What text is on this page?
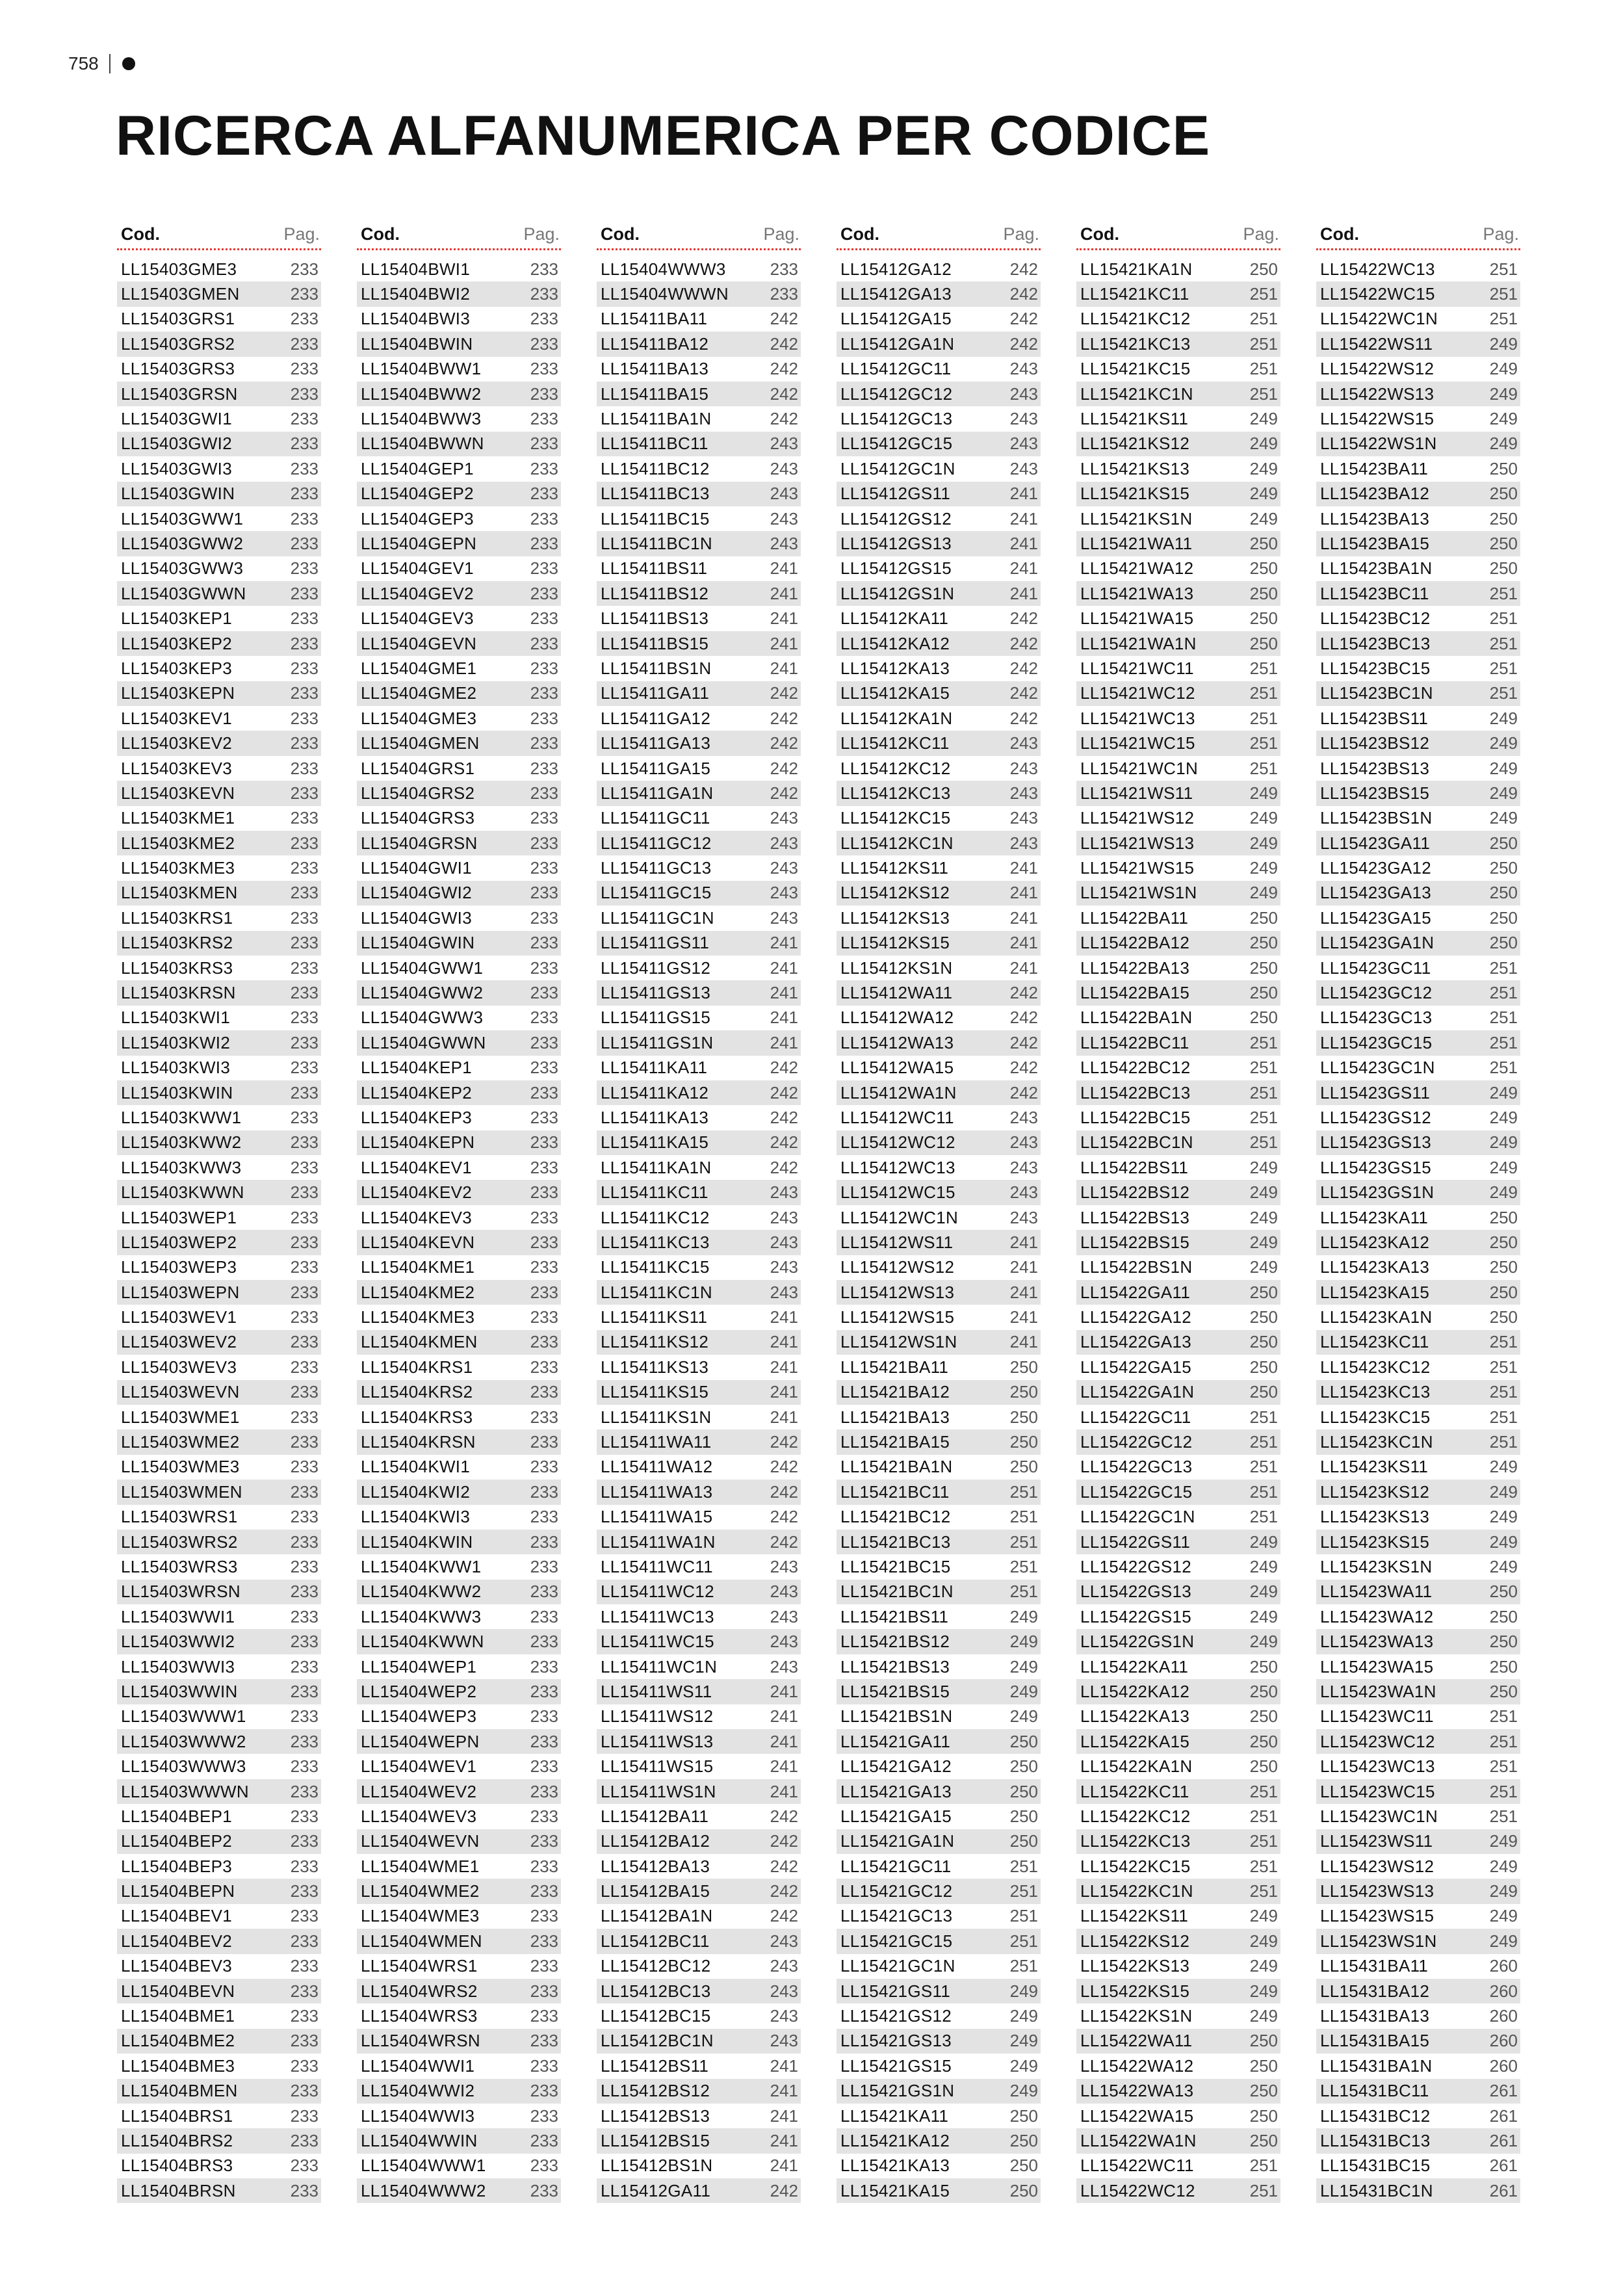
758
RICERCA ALFANUMERICA PER CODICE
Cod.	Pag.
LL15403GME3	233
LL15403GMEN	233
LL15403GRS1	233
LL15403GRS2	233
LL15403GRS3	233
LL15403GRSN	233
LL15403GWI1	233
LL15403GWI2	233
LL15403GWI3	233
LL15403GWIN	233
LL15403GWW1	233
LL15403GWW2	233
LL15403GWW3	233
LL15403GWWN	233
LL15403KEP1	233
LL15403KEP2	233
LL15403KEP3	233
LL15403KEPN	233
LL15403KEV1	233
LL15403KEV2	233
LL15403KEV3	233
LL15403KEVN	233
LL15403KME1	233
LL15403KME2	233
LL15403KME3	233
LL15403KMEN	233
LL15403KRS1	233
LL15403KRS2	233
LL15403KRS3	233
LL15403KRSN	233
LL15403KWI1	233
LL15403KWI2	233
LL15403KWI3	233
LL15403KWIN	233
LL15403KWW1	233
LL15403KWW2	233
LL15403KWW3	233
LL15403KWWN	233
LL15403WEP1	233
LL15403WEP2	233
LL15403WEP3	233
LL15403WEPN	233
LL15403WEV1	233
LL15403WEV2	233
LL15403WEV3	233
LL15403WEVN	233
LL15403WME1	233
LL15403WME2	233
LL15403WME3	233
LL15403WMEN	233
LL15403WRS1	233
LL15403WRS2	233
LL15403WRS3	233
LL15403WRSN	233
LL15403WWI1	233
LL15403WWI2	233
LL15403WWI3	233
LL15403WWIN	233
LL15403WWW1	233
LL15403WWW2	233
LL15403WWW3	233
LL15403WWWN 233
LL15404BEP1	233
LL15404BEP2	233
LL15404BEP3	233
LL15404BEPN	233
LL15404BEV1	233
LL15404BEV2	233
LL15404BEV3	233
LL15404BEVN	233
LL15404BME1	233
LL15404BME2	233
LL15404BME3	233
LL15404BMEN	233
LL15404BRS1	233
LL15404BRS2	233
LL15404BRS3	233
LL15404BRSN	233
Cod.	Pag.
LL15404BWI1	233
LL15404BWI2	233
LL15404BWI3	233
LL15404BWIN	233
LL15404BWW1	233
LL15404BWW2	233
LL15404BWW3	233
LL15404BWWN	233
LL15404GEP1	233
LL15404GEP2	233
LL15404GEP3	233
LL15404GEPN	233
LL15404GEV1	233
LL15404GEV2	233
LL15404GEV3	233
LL15404GEVN	233
LL15404GME1	233
LL15404GME2	233
LL15404GME3	233
LL15404GMEN	233
LL15404GRS1	233
LL15404GRS2	233
LL15404GRS3	233
LL15404GRSN	233
LL15404GWI1	233
LL15404GWI2	233
LL15404GWI3	233
LL15404GWIN	233
LL15404GWW1	233
LL15404GWW2	233
LL15404GWW3	233
LL15404GWWN	233
LL15404KEP1	233
LL15404KEP2	233
LL15404KEP3	233
LL15404KEPN	233
LL15404KEV1	233
LL15404KEV2	233
LL15404KEV3	233
LL15404KEVN	233
LL15404KME1	233
LL15404KME2	233
LL15404KME3	233
LL15404KMEN	233
LL15404KRS1	233
LL15404KRS2	233
LL15404KRS3	233
LL15404KRSN	233
LL15404KWI1	233
LL15404KWI2	233
LL15404KWI3	233
LL15404KWIN	233
LL15404KWW1	233
LL15404KWW2	233
LL15404KWW3	233
LL15404KWWN	233
LL15404WEP1	233
LL15404WEP2	233
LL15404WEP3	233
LL15404WEPN	233
LL15404WEV1	233
LL15404WEV2	233
LL15404WEV3	233
LL15404WEVN	233
LL15404WME1	233
LL15404WME2	233
LL15404WME3	233
LL15404WMEN	233
LL15404WRS1	233
LL15404WRS2	233
LL15404WRS3	233
LL15404WRSN	233
LL15404WWI1	233
LL15404WWI2	233
LL15404WWI3	233
LL15404WWIN	233
LL15404WWW1	233
LL15404WWW2	233
Cod.	Pag.
LL15404WWW3	233
LL15404WWWN 233
LL15411BA11	242
LL15411BA12	242
LL15411BA13	242
LL15411BA15	242
LL15411BA1N	242
LL15411BC11	243
LL15411BC12	243
LL15411BC13	243
LL15411BC15	243
LL15411BC1N	243
LL15411BS11	241
LL15411BS12	241
LL15411BS13	241
LL15411BS15	241
LL15411BS1N	241
LL15411GA11	242
LL15411GA12	242
LL15411GA13	242
LL15411GA15	242
LL15411GA1N	242
LL15411GC11	243
LL15411GC12	243
LL15411GC13	243
LL15411GC15	243
LL15411GC1N	243
LL15411GS11	241
LL15411GS12	241
LL15411GS13	241
LL15411GS15	241
LL15411GS1N	241
LL15411KA11	242
LL15411KA12	242
LL15411KA13	242
LL15411KA15	242
LL15411KA1N	242
LL15411KC11	243
LL15411KC12	243
LL15411KC13	243
LL15411KC15	243
LL15411KC1N	243
LL15411KS11	241
LL15411KS12	241
LL15411KS13	241
LL15411KS15	241
LL15411KS1N	241
LL15411WA11	242
LL15411WA12	242
LL15411WA13	242
LL15411WA15	242
LL15411WA1N	242
LL15411WC11	243
LL15411WC12	243
LL15411WC13	243
LL15411WC15	243
LL15411WC1N	243
LL15411WS11	241
LL15411WS12	241
LL15411WS13	241
LL15411WS15	241
LL15411WS1N	241
LL15412BA11	242
LL15412BA12	242
LL15412BA13	242
LL15412BA15	242
LL15412BA1N	242
LL15412BC11	243
LL15412BC12	243
LL15412BC13	243
LL15412BC15	243
LL15412BC1N	243
LL15412BS11	241
LL15412BS12	241
LL15412BS13	241
LL15412BS15	241
LL15412BS1N	241
LL15412GA11	242
Cod.	Pag.
LL15412GA12	242
LL15412GA13	242
LL15412GA15	242
LL15412GA1N	242
LL15412GC11	243
LL15412GC12	243
LL15412GC13	243
LL15412GC15	243
LL15412GC1N	243
LL15412GS11	241
LL15412GS12	241
LL15412GS13	241
LL15412GS15	241
LL15412GS1N	241
LL15412KA11	242
LL15412KA12	242
LL15412KA13	242
LL15412KA15	242
LL15412KA1N	242
LL15412KC11	243
LL15412KC12	243
LL15412KC13	243
LL15412KC15	243
LL15412KC1N	243
LL15412KS11	241
LL15412KS12	241
LL15412KS13	241
LL15412KS15	241
LL15412KS1N	241
LL15412WA11	242
LL15412WA12	242
LL15412WA13	242
LL15412WA15	242
LL15412WA1N	242
LL15412WC11	243
LL15412WC12	243
LL15412WC13	243
LL15412WC15	243
LL15412WC1N	243
LL15412WS11	241
LL15412WS12	241
LL15412WS13	241
LL15412WS15	241
LL15412WS1N	241
LL15421BA11	250
LL15421BA12	250
LL15421BA13	250
LL15421BA15	250
LL15421BA1N	250
LL15421BC11	251
LL15421BC12	251
LL15421BC13	251
LL15421BC15	251
LL15421BC1N	251
LL15421BS11	249
LL15421BS12	249
LL15421BS13	249
LL15421BS15	249
LL15421BS1N	249
LL15421GA11	250
LL15421GA12	250
LL15421GA13	250
LL15421GA15	250
LL15421GA1N	250
LL15421GC11	251
LL15421GC12	251
LL15421GC13	251
LL15421GC15	251
LL15421GC1N	251
LL15421GS11	249
LL15421GS12	249
LL15421GS13	249
LL15421GS15	249
LL15421GS1N	249
LL15421KA11	250
LL15421KA12	250
LL15421KA13	250
LL15421KA15	250
Cod.	Pag.
LL15421KA1N	250
LL15421KC11	251
LL15421KC12	251
LL15421KC13	251
LL15421KC15	251
LL15421KC1N	251
LL15421KS11	249
LL15421KS12	249
LL15421KS13	249
LL15421KS15	249
LL15421KS1N	249
LL15421WA11	250
LL15421WA12	250
LL15421WA13	250
LL15421WA15	250
LL15421WA1N	250
LL15421WC11	251
LL15421WC12	251
LL15421WC13	251
LL15421WC15	251
LL15421WC1N	251
LL15421WS11	249
LL15421WS12	249
LL15421WS13	249
LL15421WS15	249
LL15421WS1N	249
LL15422BA11	250
LL15422BA12	250
LL15422BA13	250
LL15422BA15	250
LL15422BA1N	250
LL15422BC11	251
LL15422BC12	251
LL15422BC13	251
LL15422BC15	251
LL15422BC1N	251
LL15422BS11	249
LL15422BS12	249
LL15422BS13	249
LL15422BS15	249
LL15422BS1N	249
LL15422GA11	250
LL15422GA12	250
LL15422GA13	250
LL15422GA15	250
LL15422GA1N	250
LL15422GC11	251
LL15422GC12	251
LL15422GC13	251
LL15422GC15	251
LL15422GC1N	251
LL15422GS11	249
LL15422GS12	249
LL15422GS13	249
LL15422GS15	249
LL15422GS1N	249
LL15422KA11	250
LL15422KA12	250
LL15422KA13	250
LL15422KA15	250
LL15422KA1N	250
LL15422KC11	251
LL15422KC12	251
LL15422KC13	251
LL15422KC15	251
LL15422KC1N	251
LL15422KS11	249
LL15422KS12	249
LL15422KS13	249
LL15422KS15	249
LL15422KS1N	249
LL15422WA11	250
LL15422WA12	250
LL15422WA13	250
LL15422WA15	250
LL15422WA1N	250
LL15422WC11	251
LL15422WC12	251
Cod.	Pag.
LL15422WC13	251
LL15422WC15	251
LL15422WC1N	251
LL15422WS11	249
LL15422WS12	249
LL15422WS13	249
LL15422WS15	249
LL15422WS1N	249
LL15423BA11	250
LL15423BA12	250
LL15423BA13	250
LL15423BA15	250
LL15423BA1N	250
LL15423BC11	251
LL15423BC12	251
LL15423BC13	251
LL15423BC15	251
LL15423BC1N	251
LL15423BS11	249
LL15423BS12	249
LL15423BS13	249
LL15423BS15	249
LL15423BS1N	249
LL15423GA11	250
LL15423GA12	250
LL15423GA13	250
LL15423GA15	250
LL15423GA1N	250
LL15423GC11	251
LL15423GC12	251
LL15423GC13	251
LL15423GC15	251
LL15423GC1N	251
LL15423GS11	249
LL15423GS12	249
LL15423GS13	249
LL15423GS15	249
LL15423GS1N	249
LL15423KA11	250
LL15423KA12	250
LL15423KA13	250
LL15423KA15	250
LL15423KA1N	250
LL15423KC11	251
LL15423KC12	251
LL15423KC13	251
LL15423KC15	251
LL15423KC1N	251
LL15423KS11	249
LL15423KS12	249
LL15423KS13	249
LL15423KS15	249
LL15423KS1N	249
LL15423WA11	250
LL15423WA12	250
LL15423WA13	250
LL15423WA15	250
LL15423WA1N	250
LL15423WC11	251
LL15423WC12	251
LL15423WC13	251
LL15423WC15	251
LL15423WC1N	251
LL15423WS11	249
LL15423WS12	249
LL15423WS13	249
LL15423WS15	249
LL15423WS1N	249
LL15431BA11	260
LL15431BA12	260
LL15431BA13	260
LL15431BA15	260
LL15431BA1N	260
LL15431BC11	261
LL15431BC12	261
LL15431BC13	261
LL15431BC15	261
LL15431BC1N	261
